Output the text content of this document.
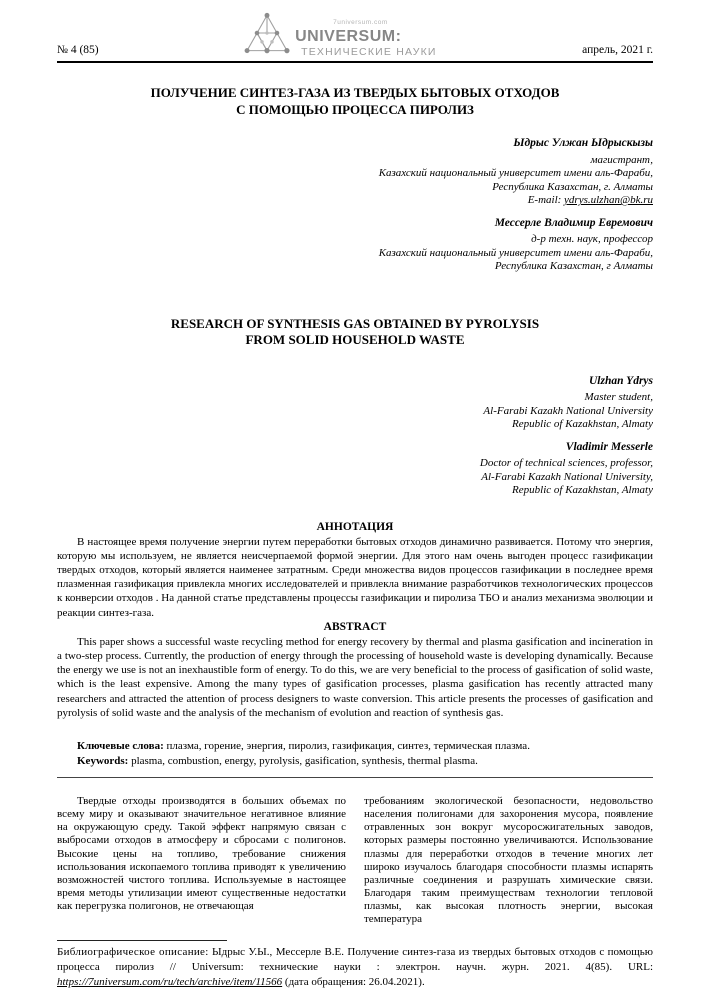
№ 4 (85)
7universum.com
UNIVERSUM:
ТЕХНИЧЕСКИЕ НАУКИ	апрель, 2021 г.
ПОЛУЧЕНИЕ СИНТЕЗ-ГАЗА ИЗ ТВЕРДЫХ БЫТОВЫХ ОТХОДОВ
С ПОМОЩЬЮ ПРОЦЕССА ПИРОЛИЗ
Ыдрыс Улжан Ыдрыскызы
магистрант,
Казахский национальный университет имени аль-Фараби,
Республика Казахстан, г. Алматы
E-mail: ydrys.ulzhan@bk.ru
Мессерле Владимир Евремович
д-р техн. наук, профессор
Казахский национальный университет имени аль-Фараби,
Республика Казахстан, г Алматы
RESEARCH OF SYNTHESIS GAS OBTAINED BY PYROLYSIS
FROM SOLID HOUSEHOLD WASTE
Ulzhan Ydrys
Master student,
Al-Farabi Kazakh National University
Republic of Kazakhstan, Almaty
Vladimir Messerle
Doctor of technical sciences, professor,
Al-Farabi Kazakh National University,
Republic of Kazakhstan, Almaty
АННОТАЦИЯ

В настоящее время получение энергии путем переработки бытовых отходов динамично развивается. Потому что энергия, которую мы используем, не является неисчерпаемой формой энергии. Для этого нам очень выгоден процесс газификации твердых отходов, который является наименее затратным. Среди множества видов процессов газификации в последнее время плазменная газификация привлекла многих исследователей и привлекла внимание разработчиков технологических процессов к конверсии отходов . На данной статье представлены процессы газификации и пиролиза ТБО и анализ механизма эволюции и реакции синтез-газа.

ABSTRACT

This paper shows a successful waste recycling method for energy recovery by thermal and plasma gasification and incineration in a two-step process. Currently, the production of energy through the processing of household waste is developing dynamically. Because the energy we use is not an inexhaustible form of energy. To do this, we are very beneficial to the process of gasification of solid waste, which is the least expensive. Among the many types of gasification processes, plasma gasification has recently attracted many researchers and attracted the attention of process designers to waste conversion. This article presents the processes of gasification and pyrolysis of solid waste and the analysis of the mechanism of evolution and reaction of synthesis gas.

Ключевые слова: плазма, горение, энергия, пиролиз, газификация, синтез, термическая плазма.

Keywords: plasma, combustion, energy, pyrolysis, gasification, synthesis, thermal plasma.

Твердые отходы производятся в больших объемах по всему миру и оказывают значительное негативное влияние на окружающую среду. Такой эффект напрямую связан с выбросами отходов в атмосферу и сбросами с полигонов. Высокие цены на топливо, требование снижения использования ископаемого топлива приводят к увеличению возможностей чистого топлива. Используемые в настоящее время методы утилизации имеют существенные недостатки как перегрузка полигонов, не отвечающая

требованиям экологической безопасности, недовольство населения полигонами для захоронения мусора, появление отравленных зон вокруг мусоросжигательных заводов, которых размеры постоянно увеличиваются. Использование плазмы для переработки отходов в течение многих лет широко изучалось благодаря способности плазмы испарять различные соединения и разрушать химические связи. Благодаря таким преимуществам технологии тепловой плазмы, как высокая плотность энергии, высокая температура

Библиографическое описание: Ыдрыс У.Ы., Мессерле В.Е. Получение синтез-газа из твердых бытовых отходов с помощью процесса пиролиз // Universum: технические науки : электрон. научн. журн. 2021. 4(85). URL: https://7universum.com/ru/tech/archive/item/11566 (дата обращения: 26.04.2021).
